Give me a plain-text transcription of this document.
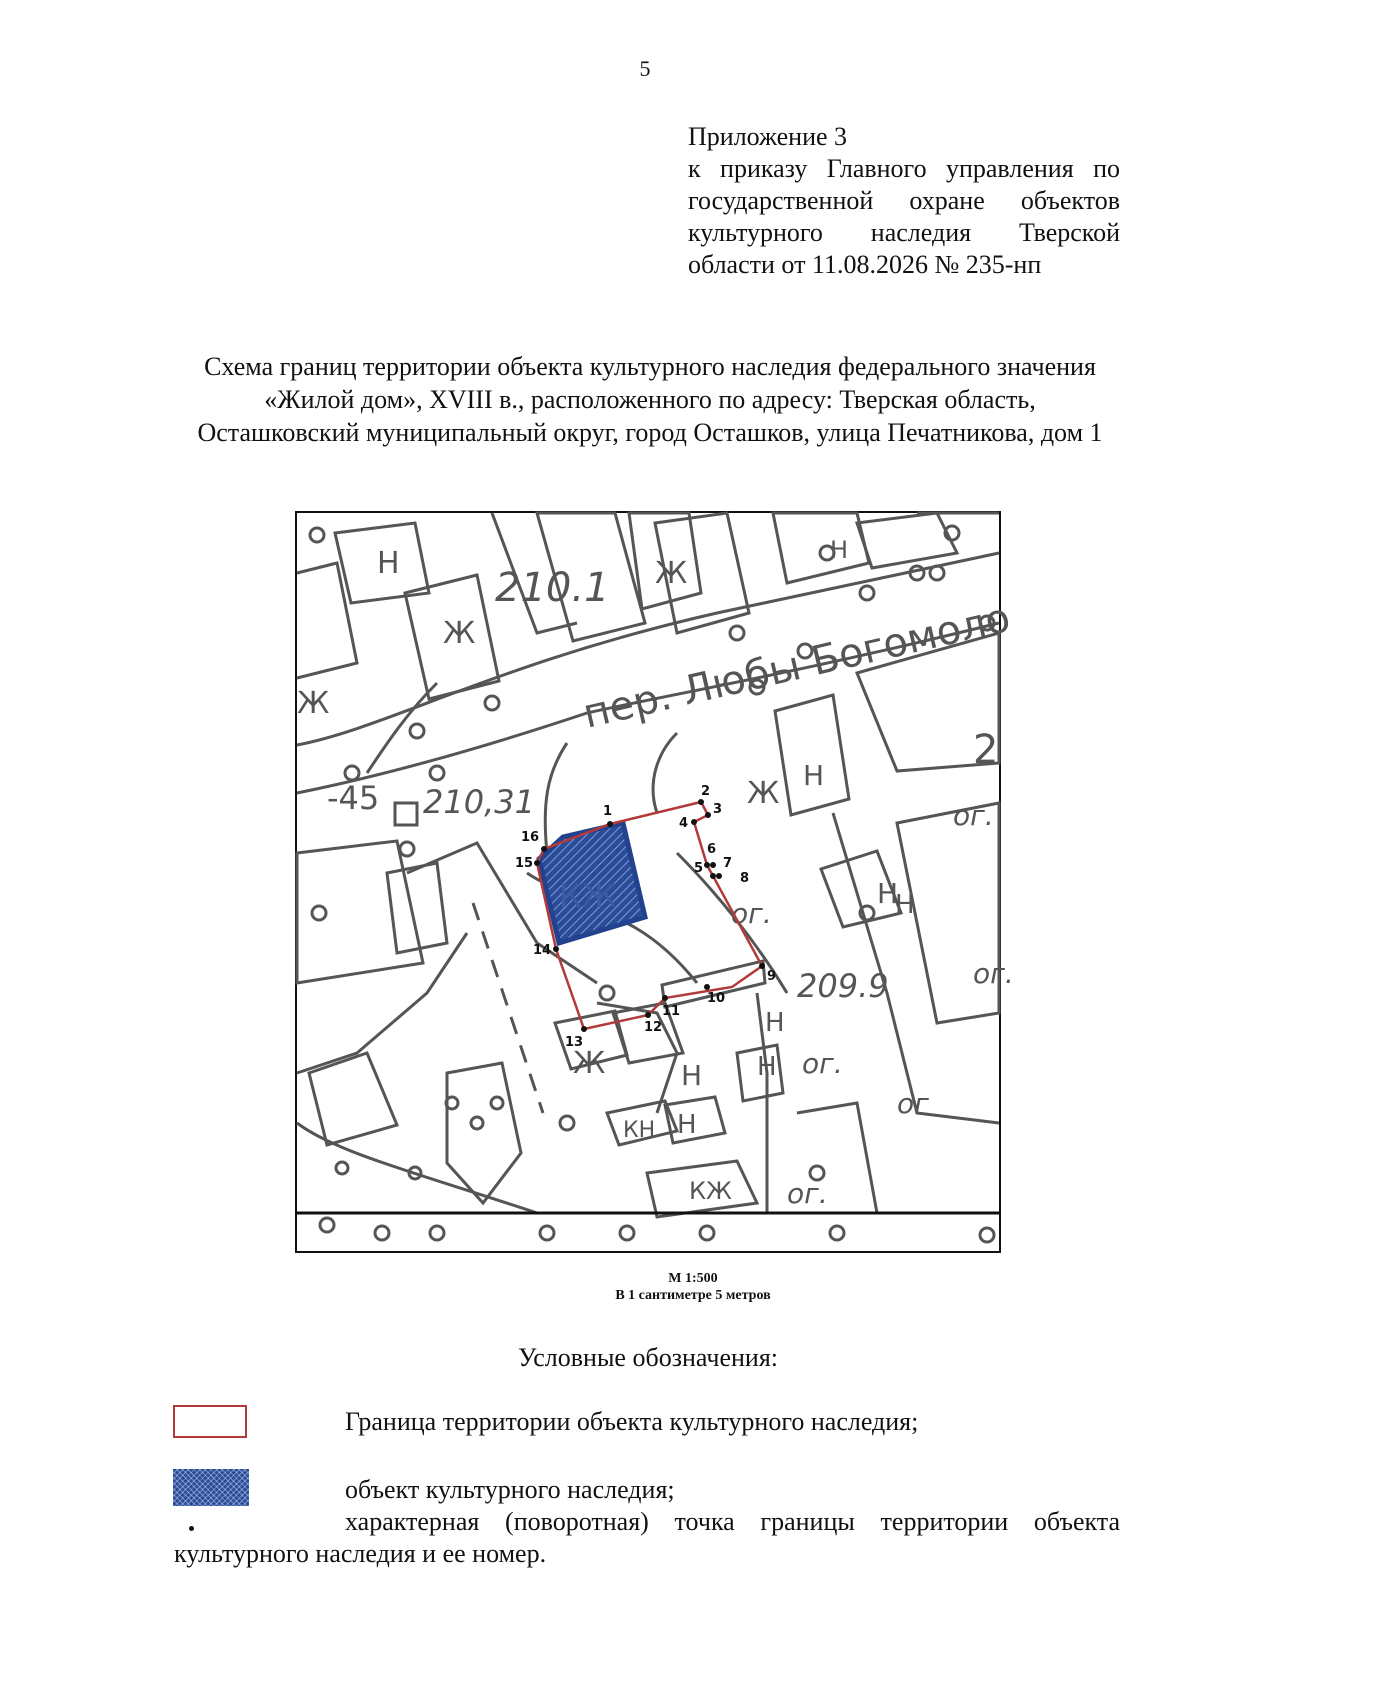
5
Приложение 3
к приказу Главного управления по
государственной охране объектов
культурного наследия Тверской
области от 11.08.2026 № 235-нп
Схема границ территории объекта культурного наследия федерального значения «Жилой дом», XVIII в., расположенного по адресу: Тверская область, Осташковский муниципальный округ, город Осташков, улица Печатникова, дом 1
пер. Любы Богомоло
210.1
-45 210,31
209.9
Н
Ж
Ж
Ж
Н
Ж
Н
Н
Н
Н
Н
КН
Н
КЖ
Ж
Н
ог.
ог.
ог.
ог.
ог.
ог
2
КЖ
1
2
3
4
5
6
7
8
9
10
11
12
13
14
15
16
М 1:500
В 1 сантиметре 5 метров
Условные обозначения:
Граница территории объекта культурного наследия;
объект культурного наследия;
характерная (поворотная) точка границы территории объекта
культурного наследия и ее номер.
